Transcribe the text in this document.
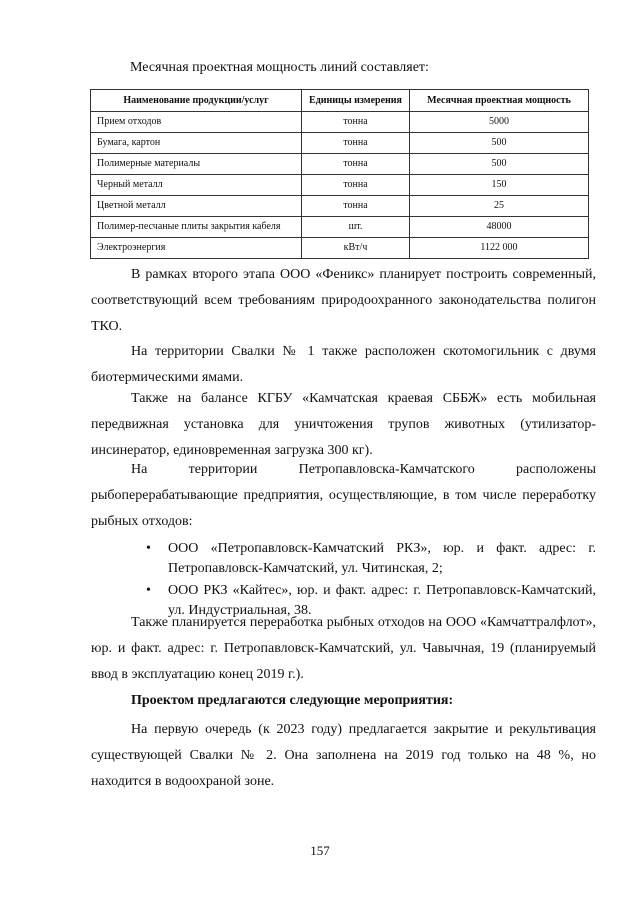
Месячная проектная мощность линий составляет:
Наименование продукции/услуг	Единицы измерения	Месячная проектная мощность
Прием отходов	тонна	5000
Бумага, картон	тонна	500
Полимерные материалы	тонна	500
Черный металл	тонна	150
Цветной металл	тонна	25
Полимер-песчаные плиты закрытия кабеля	шт.	48000
Электроэнергия	кВт/ч	1122 000

В рамках второго этапа ООО «Феникс» планирует построить современный, соответствующий всем требованиям природоохранного законодательства полигон ТКО.

На территории Свалки № 1 также расположен скотомогильник с двумя биотермическими ямами.

Также на балансе КГБУ «Камчатская краевая СББЖ» есть мобильная передвижная установка для уничтожения трупов животных (утилизатор-инсинератор, единовременная загрузка 300 кг).

На территории Петропавловска-Камчатского расположены рыбоперерабатывающие предприятия, осуществляющие, в том числе переработку рыбных отходов:

• ООО «Петропавловск-Камчатский РКЗ», юр. и факт. адрес: г. Петропавловск-Камчатский, ул. Читинская, 2;
• ООО РКЗ «Кайтес», юр. и факт. адрес: г. Петропавловск-Камчатский, ул. Индустриальная, 38.

Также планируется переработка рыбных отходов на ООО «Камчаттралфлот», юр. и факт. адрес: г. Петропавловск-Камчатский, ул. Чавычная, 19 (планируемый ввод в эксплуатацию конец 2019 г.).

Проектом предлагаются следующие мероприятия:

На первую очередь (к 2023 году) предлагается закрытие и рекультивация существующей Свалки № 2. Она заполнена на 2019 год только на 48 %, но находится в водоохраной зоне.

157
